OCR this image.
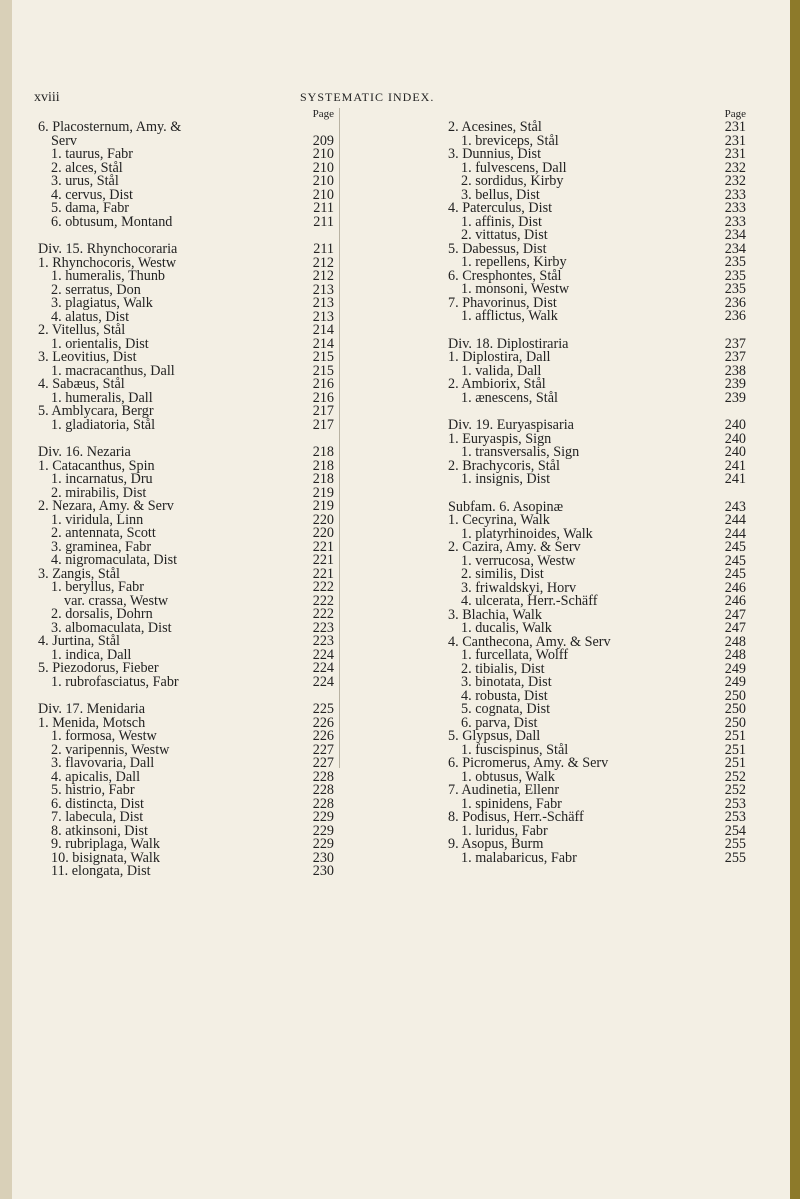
xviii	SYSTEMATIC INDEX.
Page
6. Placosternum, Amy. &
Serv	209
1. taurus, Fabr	210
2. alces, Stål	210
3. urus, Stål	210
4. cervus, Dist	210
5. dama, Fabr	211
6. obtusum, Montand	211
Div. 15. Rhynchocoraria	211
1. Rhynchocoris, Westw	212
1. humeralis, Thunb	212
2. serratus, Don	213
3. plagiatus, Walk	213
4. alatus, Dist	213
2. Vitellus, Stål	214
1. orientalis, Dist	214
3. Leovitius, Dist	215
1. macracanthus, Dall	215
4. Sabæus, Stål	216
1. humeralis, Dall	216
5. Amblycara, Bergr	217
1. gladiatoria, Stål	217
Div. 16. Nezaria	218
1. Catacanthus, Spin	218
1. incarnatus, Dru	218
2. mirabilis, Dist	219
2. Nezara, Amy. & Serv	219
1. viridula, Linn	220
2. antennata, Scott	220
3. graminea, Fabr	221
4. nigromaculata, Dist	221
3. Zangis, Stål	221
1. beryllus, Fabr	222
var. crassa, Westw	222
2. dorsalis, Dohrn	222
3. albomaculata, Dist	223
4. Jurtina, Stål	223
1. indica, Dall	224
5. Piezodorus, Fieber	224
1. rubrofasciatus, Fabr	224
Div. 17. Menidaria	225
1. Menida, Motsch	226
1. formosa, Westw	226
2. varipennis, Westw	227
3. flavovaria, Dall	227
4. apicalis, Dall	228
5. histrio, Fabr	228
6. distincta, Dist	228
7. labecula, Dist	229
8. atkinsoni, Dist	229
9. rubriplaga, Walk	229
10. bisignata, Walk	230
11. elongata, Dist	230
Page
2. Acesines, Stål	231
1. breviceps, Stål	231
3. Dunnius, Dist	231
1. fulvescens, Dall	232
2. sordidus, Kirby	232
3. bellus, Dist	233
4. Paterculus, Dist	233
1. affinis, Dist	233
2. vittatus, Dist	234
5. Dabessus, Dist	234
1. repellens, Kirby	235
6. Cresphontes, Stål	235
1. monsoni, Westw	235
7. Phavorinus, Dist	236
1. afflictus, Walk	236
Div. 18. Diplostiraria	237
1. Diplostira, Dall	237
1. valida, Dall	238
2. Ambiorix, Stål	239
1. ænescens, Stål	239
Div. 19. Euryaspisaria	240
1. Euryaspis, Sign	240
1. transversalis, Sign	240
2. Brachycoris, Stål	241
1. insignis, Dist	241
Subfam. 6. Asopinæ	243
1. Cecyrina, Walk	244
1. platyrhinoides, Walk	244
2. Cazira, Amy. & Serv	245
1. verrucosa, Westw	245
2. similis, Dist	245
3. friwaldskyi, Horv	246
4. ulcerata, Herr.-Schäff	246
3. Blachia, Walk	247
1. ducalis, Walk	247
4. Canthecona, Amy. & Serv	248
1. furcellata, Wolff	248
2. tibialis, Dist	249
3. binotata, Dist	249
4. robusta, Dist	250
5. cognata, Dist	250
6. parva, Dist	250
5. Glypsus, Dall	251
1. fuscispinus, Stål	251
6. Picromerus, Amy. & Serv	251
1. obtusus, Walk	252
7. Audinetia, Ellenr	252
1. spinidens, Fabr	253
8. Podisus, Herr.-Schäff	253
1. luridus, Fabr	254
9. Asopus, Burm	255
1. malabaricus, Fabr	255
